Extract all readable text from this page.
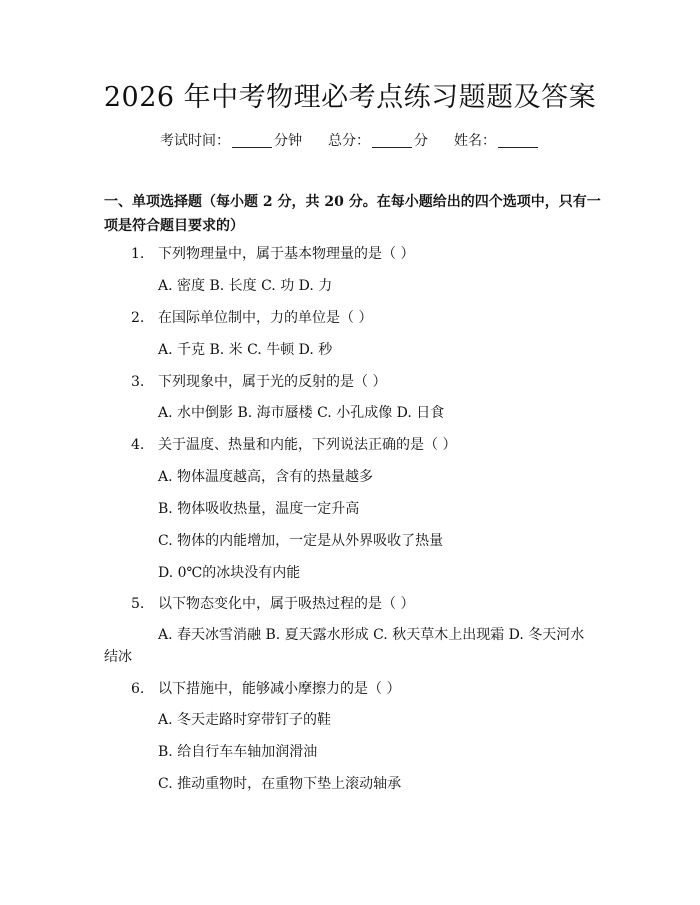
2026 年中考物理必考点练习题题及答案
考试时间：	分钟 总分：	分 姓名：
一、单项选择题（每小题 2 分，共 20 分。在每小题给出的四个选项中，只有一项是符合题目要求的）
1. 下列物理量中，属于基本物理量的是（ ）
A. 密度 B. 长度 C. 功 D. 力
2. 在国际单位制中，力的单位是（ ）
A. 千克 B. 米 C. 牛顿 D. 秒
3. 下列现象中，属于光的反射的是（ ）
A. 水中倒影 B. 海市蜃楼 C. 小孔成像 D. 日食
4. 关于温度、热量和内能，下列说法正确的是（ ）
A. 物体温度越高，含有的热量越多
B. 物体吸收热量，温度一定升高
C. 物体的内能增加，一定是从外界吸收了热量
D. 0℃的冰块没有内能
5. 以下物态变化中，属于吸热过程的是（ ）
A. 春天冰雪消融 B. 夏天露水形成 C. 秋天草木上出现霜 D. 冬天河水结冰
6. 以下措施中，能够减小摩擦力的是（ ）
A. 冬天走路时穿带钉子的鞋
B. 给自行车车轴加润滑油
C. 推动重物时，在重物下垫上滚动轴承
